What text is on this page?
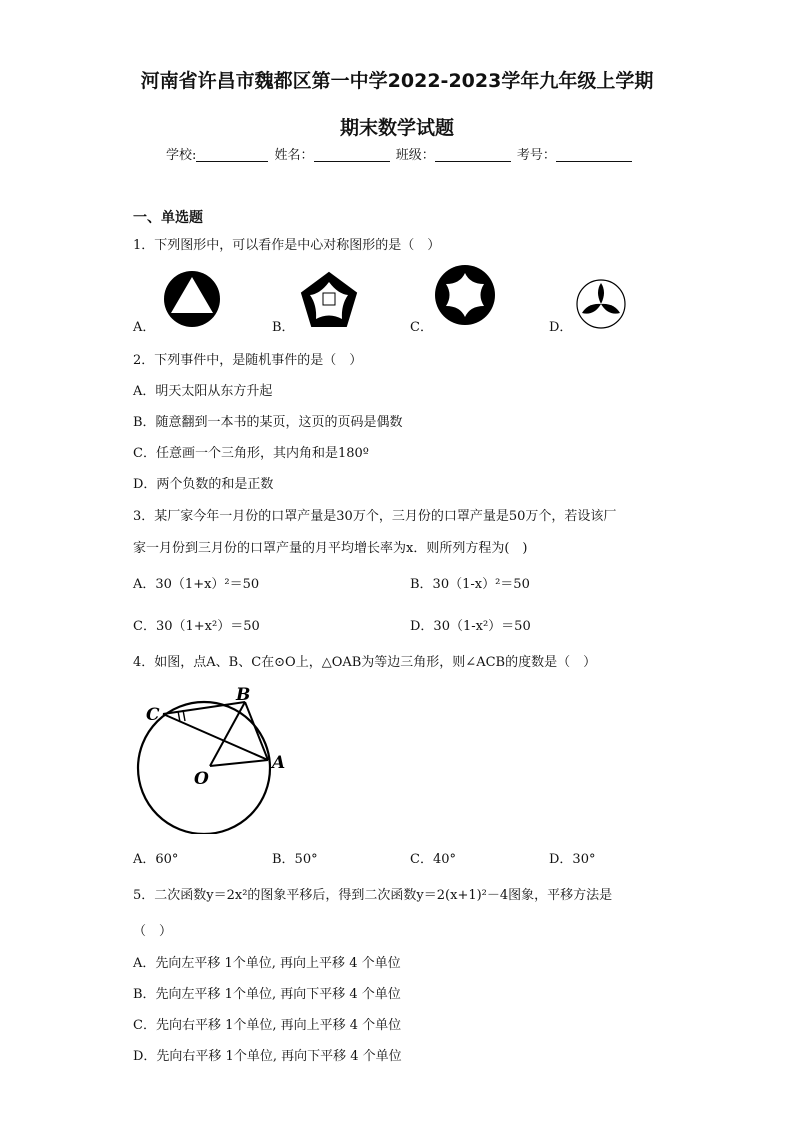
河南省许昌市魏都区第一中学2022-2023学年九年级上学期
期末数学试题
学校:	姓名：	班级：	考号：
一、单选题
1．下列图形中，可以看作是中心对称图形的是（　）
A．	B．	C．	D．
2．下列事件中，是随机事件的是（　）
A．明天太阳从东方升起
B．随意翻到一本书的某页，这页的页码是偶数
C．任意画一个三角形，其内角和是180º
D．两个负数的和是正数
3．某厂家今年一月份的口罩产量是30万个，三月份的口罩产量是50万个，若设该厂
家一月份到三月份的口罩产量的月平均增长率为x．则所列方程为(　)
A．30（1+x）²＝50	B．30（1-x）²＝50
C．30（1+x²）＝50	D．30（1-x²）＝50
4．如图，点A、B、C在⊙O上，△OAB为等边三角形，则∠ACB的度数是（　）
C
B
O
A
A．60°	B．50°	C．40°	D．30°
5．二次函数y＝2x²的图象平移后，得到二次函数y＝2(x+1)²－4图象，平移方法是
（　）
A．先向左平移 1个单位, 再向上平移 4 个单位
B．先向左平移 1个单位, 再向下平移 4 个单位
C．先向右平移 1个单位, 再向上平移 4 个单位
D．先向右平移 1个单位, 再向下平移 4 个单位
